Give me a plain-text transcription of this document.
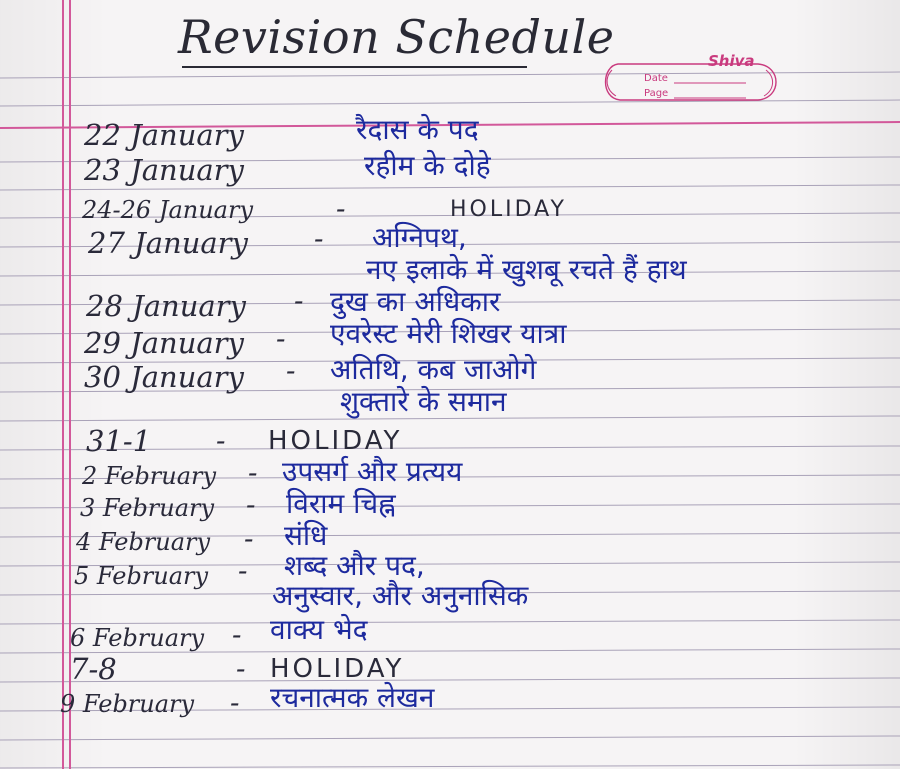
Revision Schedule	Shiva
Date
Page
22 January	रैदास के पद
23 January	रहीम के दोहे
24-26 January	-	HOLIDAY
27 January - अग्निपथ,
नए इलाके में खुशबू रचते हैं हाथ
28 January - दुख का अधिकार
29 January - एवरेस्ट मेरी शिखर यात्रा
30 January - अतिथि, कब जाओगे
शुक्तारे के समान
31-1 - HOLIDAY
2 February - उपसर्ग और प्रत्यय
3 February - विराम चिह्न
4 February - संधि
5 February - शब्द और पद,
अनुस्वार, और अनुनासिक
6 February - वाक्य भेद
7-8	- HOLIDAY
9 February - रचनात्मक लेखन
